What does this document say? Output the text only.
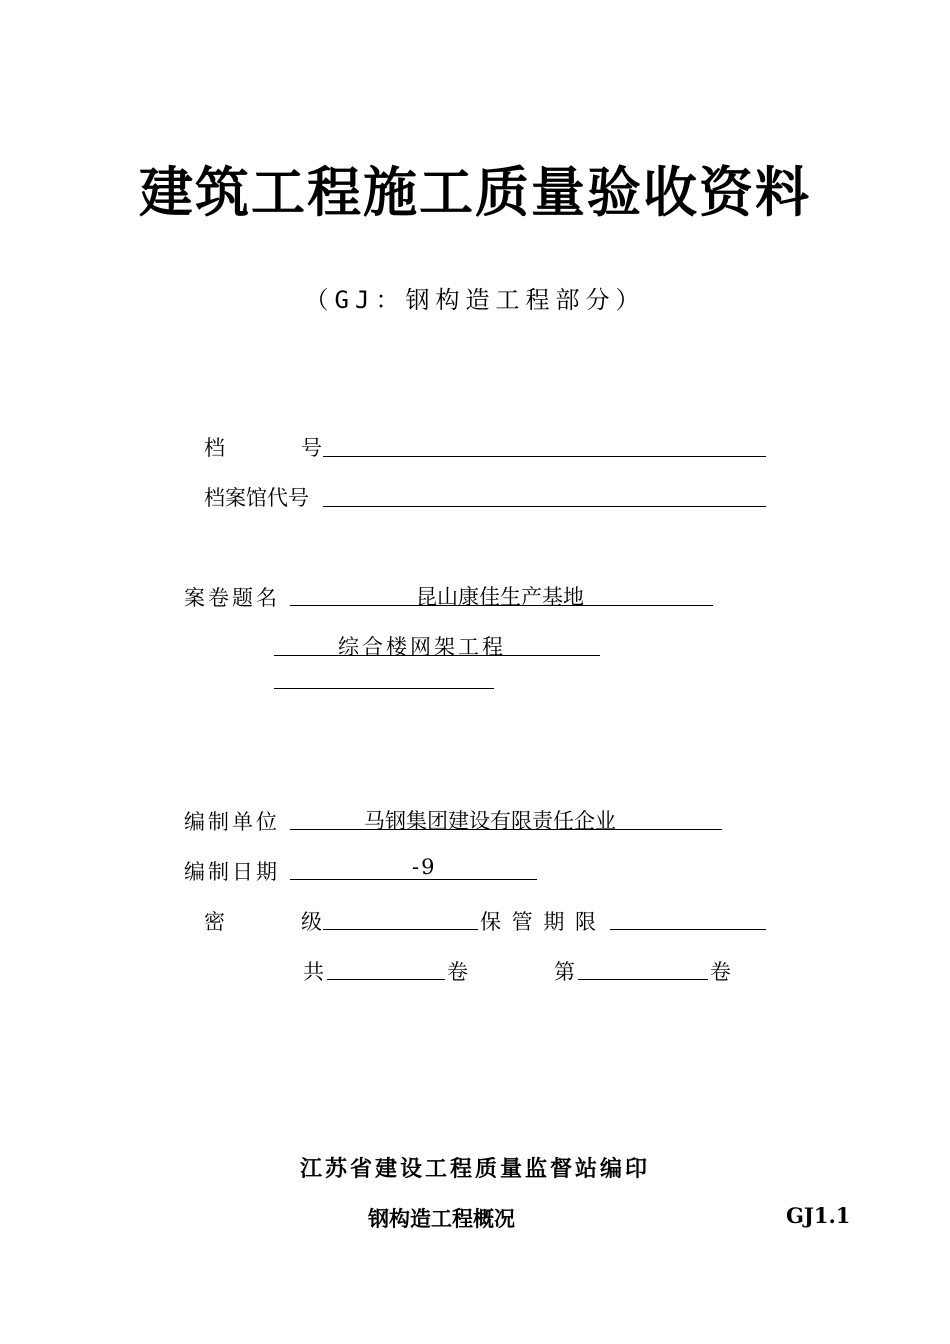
建筑工程施工质量验收资料
（GJ：钢构造工程部分）
档	号
档案馆代号
案卷题名	昆山康佳生产基地
综合楼网架工程
编制单位	马钢集团建设有限责任企业
编制日期	-9
密	级	保 管 期 限
共	卷	第	卷
江苏省建设工程质量监督站编印
钢构造工程概况	GJ1.1
